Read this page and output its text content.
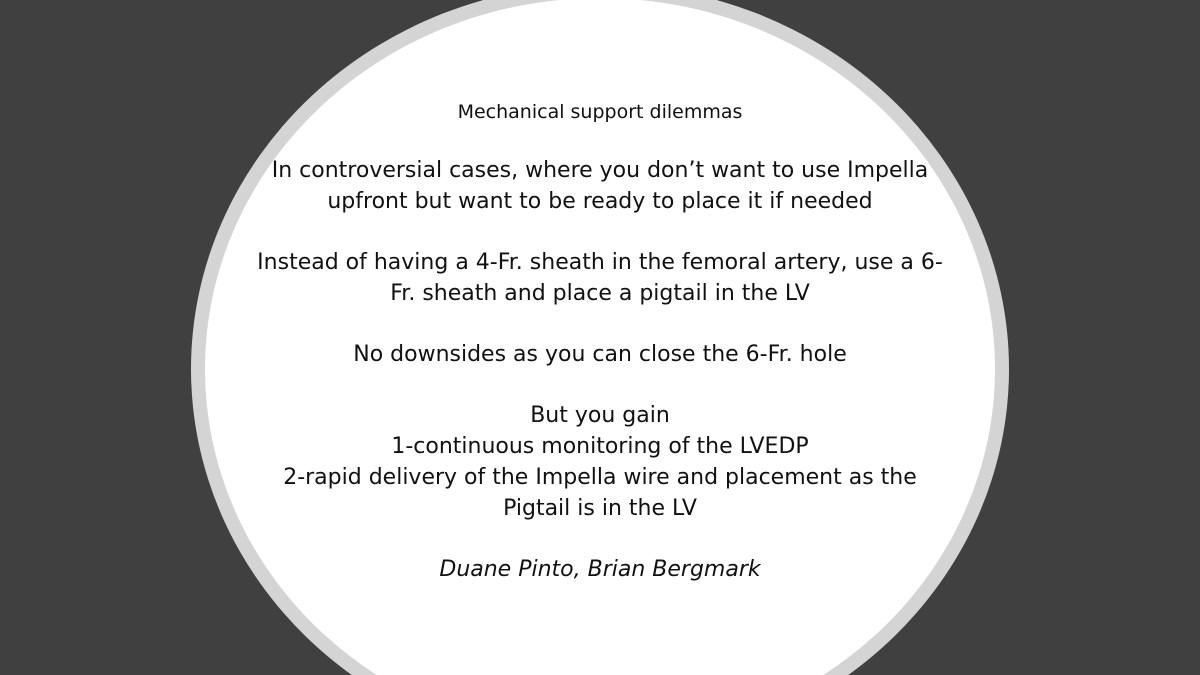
Mechanical support dilemmas

In controversial cases, where you don’t want to use Impella
upfront but want to be ready to place it if needed

Instead of having a 4-Fr. sheath in the femoral artery, use a 6-
Fr. sheath and place a pigtail in the LV

No downsides as you can close the 6-Fr. hole

But you gain
1-continuous monitoring of the LVEDP
2-rapid delivery of the Impella wire and placement as the
Pigtail is in the LV

Duane Pinto, Brian Bergmark
